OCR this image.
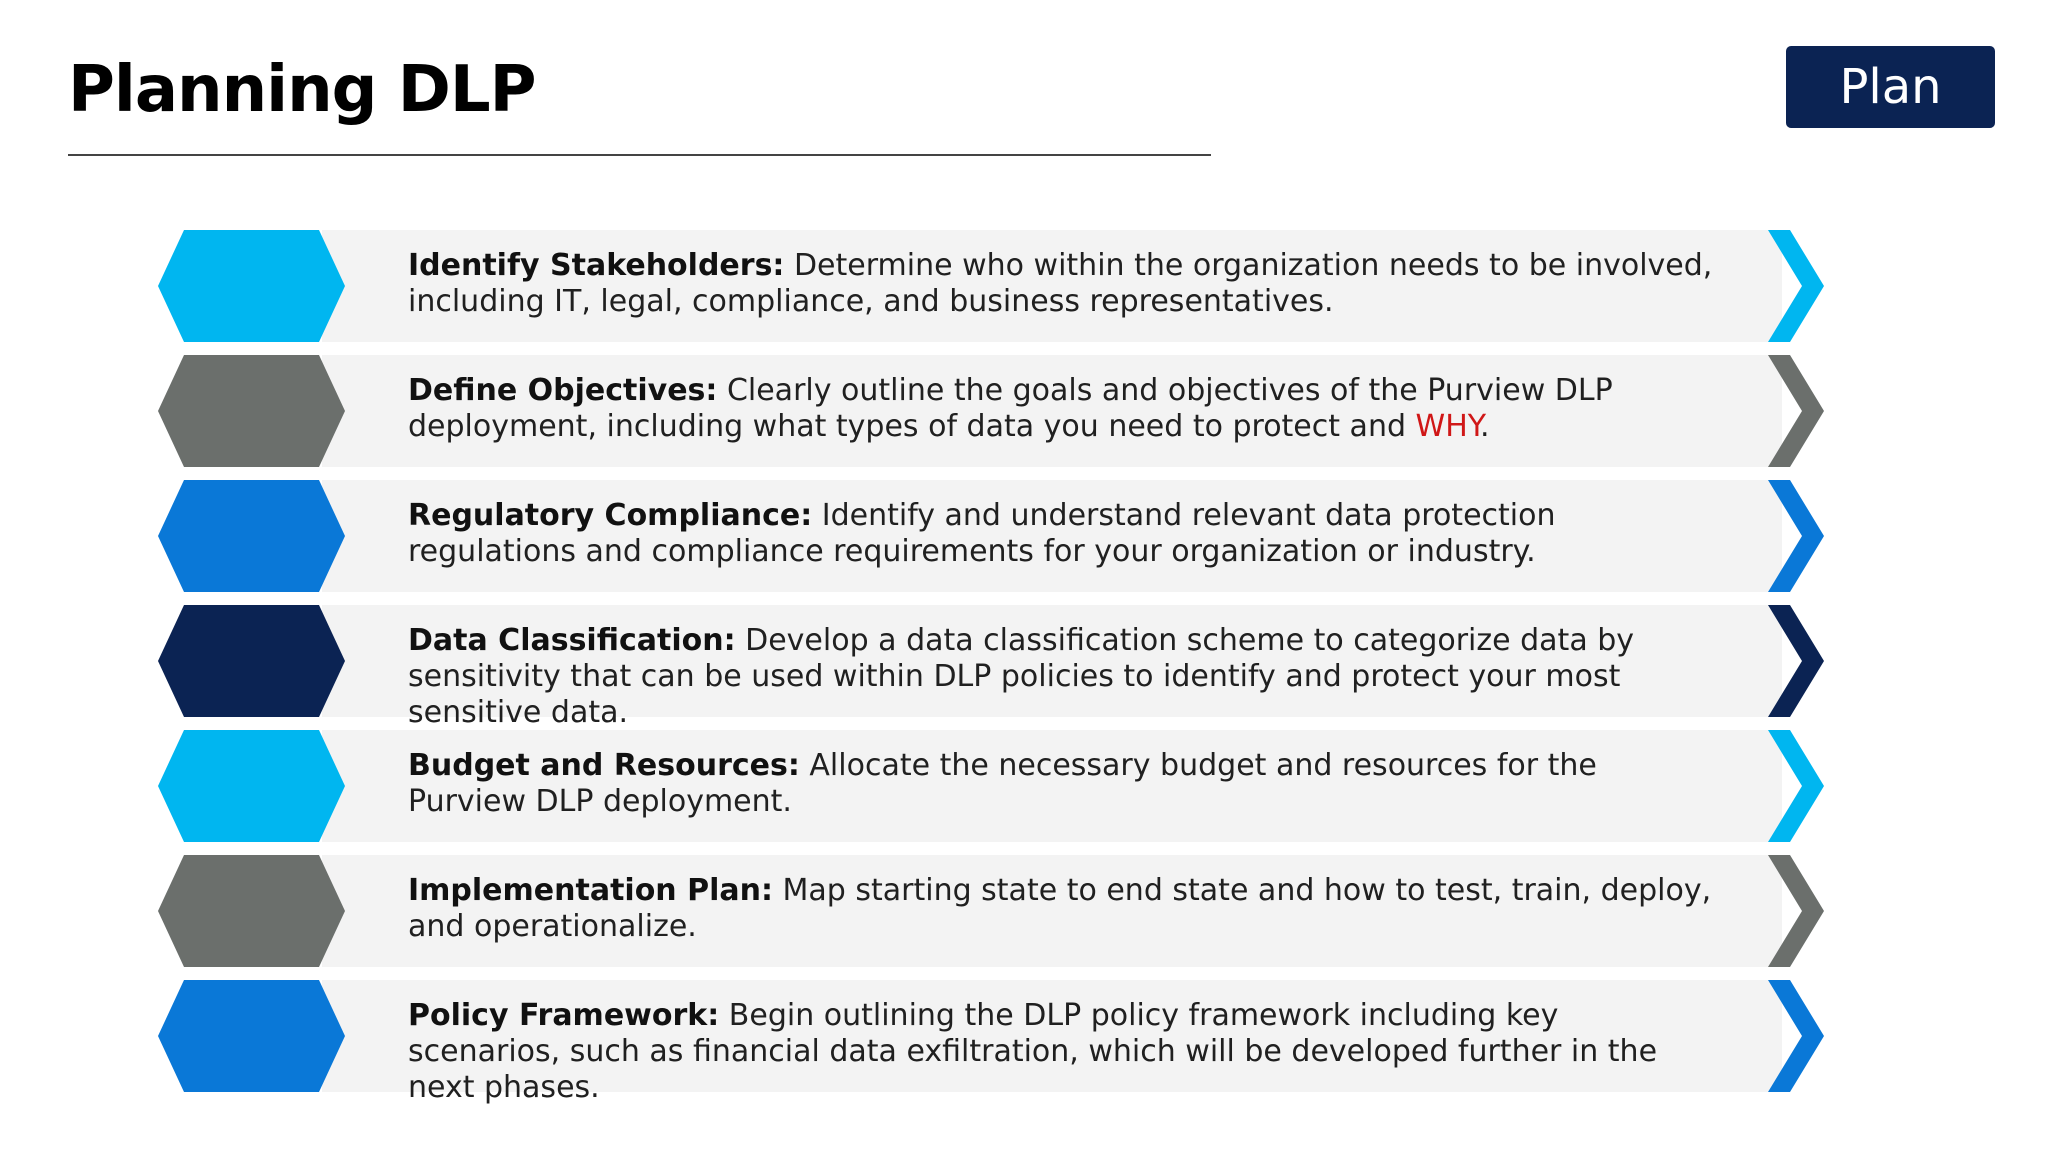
Planning DLP	Plan
Identify Stakeholders: Determine who within the organization needs to be involved, including IT, legal, compliance, and business representatives.
Define Objectives: Clearly outline the goals and objectives of the Purview DLP deployment, including what types of data you need to protect and WHY.
Regulatory Compliance: Identify and understand relevant data protection regulations and compliance requirements for your organization or industry.
Data Classification: Develop a data classification scheme to categorize data by sensitivity that can be used within DLP policies to identify and protect your most sensitive data.
Budget and Resources: Allocate the necessary budget and resources for the Purview DLP deployment.
Implementation Plan: Map starting state to end state and how to test, train, deploy, and operationalize.
Policy Framework: Begin outlining the DLP policy framework including key scenarios, such as financial data exfiltration, which will be developed further in the next phases.
